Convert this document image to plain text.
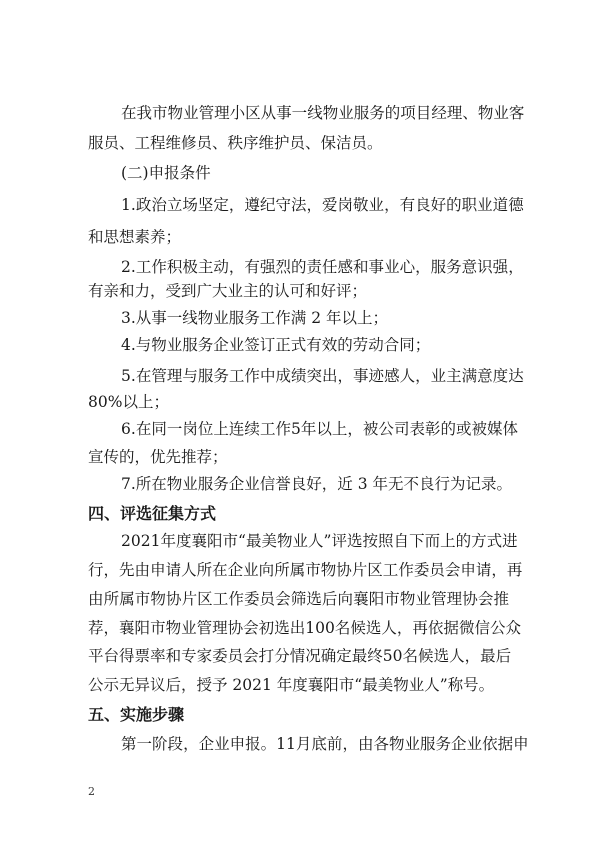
在 我 市 物 业 管 理 小 区 从 事 一 线 物 业 服 务 的 项 目 经 理 、 物 业 客
服员、工程维修员、秩序维护员、保洁员。
(二)申报条件
1 . 政 治 立 场 坚 定 ， 遵 纪 守 法 ， 爱 岗 敬 业 ， 有 良 好 的 职 业 道 德
和思想素养；
2 . 工 作 积 极 主 动 ， 有 强 烈 的 责 任 感 和 事 业 心 ， 服 务 意 识 强 ，
有亲和力，受到广大业主的认可和好评；
3.从事一线物业服务工作满 2 年以上；
4.与物业服务企业签订正式有效的劳动合同；
5 . 在 管 理 与 服 务 工 作 中 成 绩 突 出 ， 事 迹 感 人 ， 业 主 满 意 度 达
80%以上；
6 . 在 同 一 岗 位 上 连 续 工 作 5 年 以 上 ， 被 公 司 表 彰 的 或 被 媒 体
宣传的，优先推荐；
7.所在物业服务企业信誉良好，近 3 年无不良行为记录。
四、评选征集方式
2021 年 度 襄 阳 市 “ 最 美 物 业 人 ” 评 选 按 照 自 下 而 上 的 方 式 进
行 ， 先 由 申 请 人 所 在 企 业 向 所 属 市 物 协 片 区 工 作 委 员 会 申 请 ， 再
由 所 属 市 物 协 片 区 工 作 委 员 会 筛 选 后 向 襄 阳 市 物 业 管 理 协 会 推
荐 ， 襄 阳 市 物 业 管 理 协 会 初 选 出 100 名 候 选 人 ， 再 依 据 微 信 公 众
平 台 得 票 率 和 专 家 委 员 会 打 分 情 况 确 定 最 终 50 名 候 选 人 ， 最 后
公示无异议后，授予 2021 年度襄阳市“最美物业人”称号。
五、实施步骤
第 一 阶 段 ， 企 业 申 报 。 11 月 底 前 ， 由 各 物 业 服 务 企 业 依 据 申
2
